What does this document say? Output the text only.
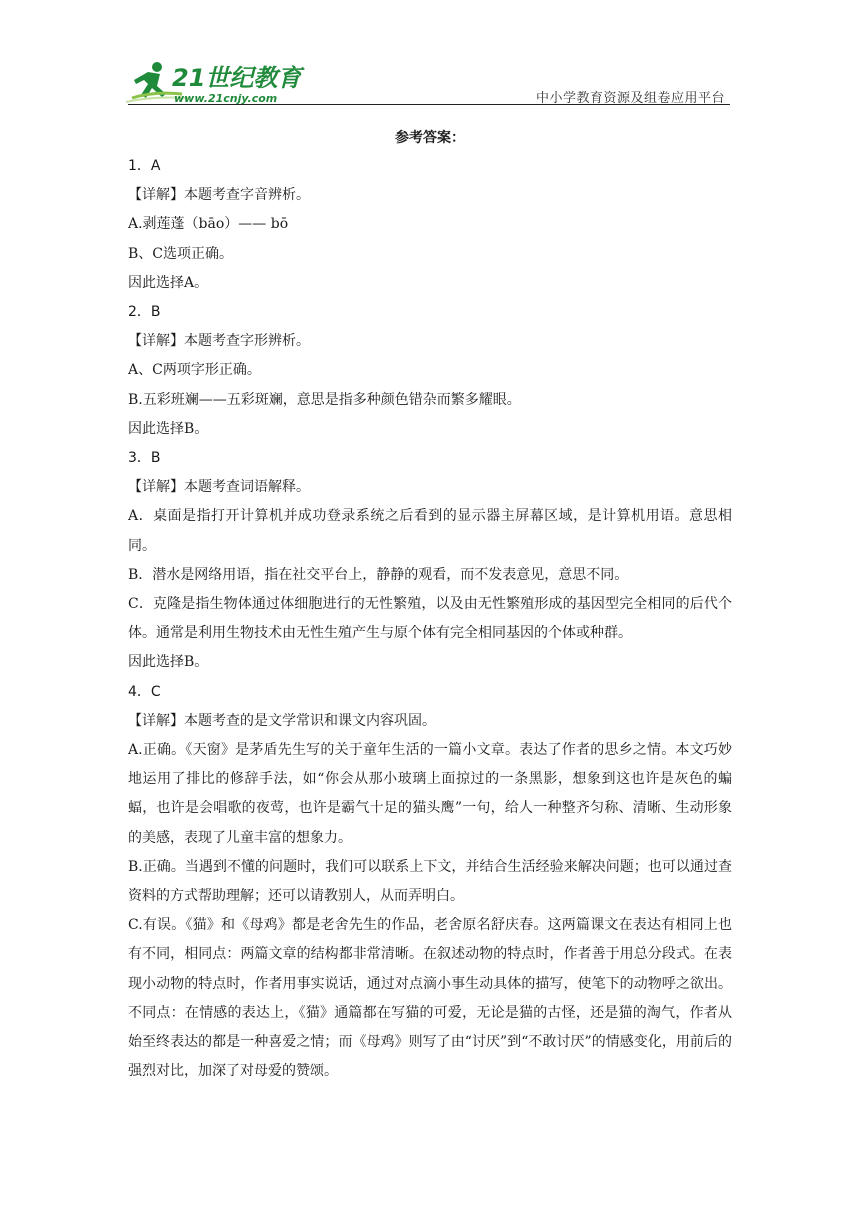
21世纪教育
www.21cnjy.com	中小学教育资源及组卷应用平台
参考答案：
1．A
【详解】本题考查字音辨析。
A.剥莲蓬（bāo）—— bō
B、C选项正确。
因此选择A。
2．B
【详解】本题考查字形辨析。
A、C两项字形正确。
B.五彩班斓——五彩斑斓，意思是指多种颜色错杂而繁多耀眼。
因此选择B。
3．B
【详解】本题考查词语解释。
A．桌面是指打开计算机并成功登录系统之后看到的显示器主屏幕区域，是计算机用语。意思相同。
B．潜水是网络用语，指在社交平台上，静静的观看，而不发表意见，意思不同。
C．克隆是指生物体通过体细胞进行的无性繁殖，以及由无性繁殖形成的基因型完全相同的后代个体。通常是利用生物技术由无性生殖产生与原个体有完全相同基因的个体或种群。
因此选择B。
4．C
【详解】本题考查的是文学常识和课文内容巩固。
A.正确。《天窗》是茅盾先生写的关于童年生活的一篇小文章。表达了作者的思乡之情。本文巧妙地运用了排比的修辞手法，如“你会从那小玻璃上面掠过的一条黑影，想象到这也许是灰色的蝙蝠，也许是会唱歌的夜莺，也许是霸气十足的猫头鹰”一句，给人一种整齐匀称、清晰、生动形象的美感，表现了儿童丰富的想象力。
B.正确。当遇到不懂的问题时，我们可以联系上下文，并结合生活经验来解决问题；也可以通过查资料的方式帮助理解；还可以请教别人，从而弄明白。
C.有误。《猫》和《母鸡》都是老舍先生的作品，老舍原名舒庆春。这两篇课文在表达有相同上也有不同，相同点：两篇文章的结构都非常清晰。在叙述动物的特点时，作者善于用总分段式。在表现小动物的特点时，作者用事实说话，通过对点滴小事生动具体的描写，使笔下的动物呼之欲出。不同点：在情感的表达上，《猫》通篇都在写猫的可爱，无论是猫的古怪，还是猫的淘气，作者从始至终表达的都是一种喜爱之情；而《母鸡》则写了由“讨厌”到“不敢讨厌”的情感变化，用前后的强烈对比，加深了对母爱的赞颂。
